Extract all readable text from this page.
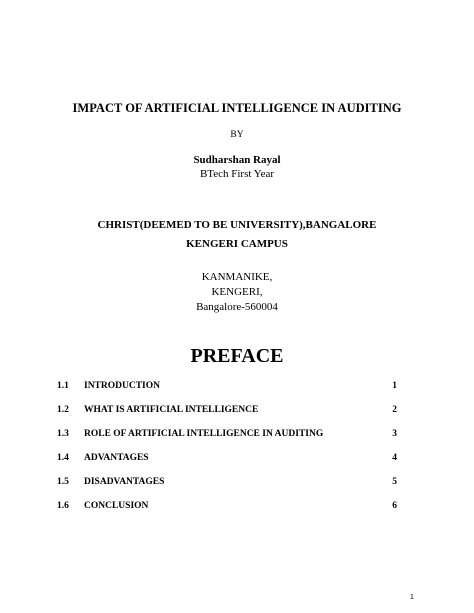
IMPACT OF ARTIFICIAL INTELLIGENCE IN AUDITING
BY
Sudharshan Rayal
BTech First Year
CHRIST(DEEMED TO BE UNIVERSITY),BANGALORE
KENGERI CAMPUS
KANMANIKE,
KENGERI,
Bangalore-560004
PREFACE
1.1 INTRODUCTION	1
1.2 WHAT IS ARTIFICIAL INTELLIGENCE	2
1.3 ROLE OF ARTIFICIAL INTELLIGENCE IN AUDITING	3
1.4 ADVANTAGES	4
1.5 DISADVANTAGES	5
1.6 CONCLUSION	6
1
